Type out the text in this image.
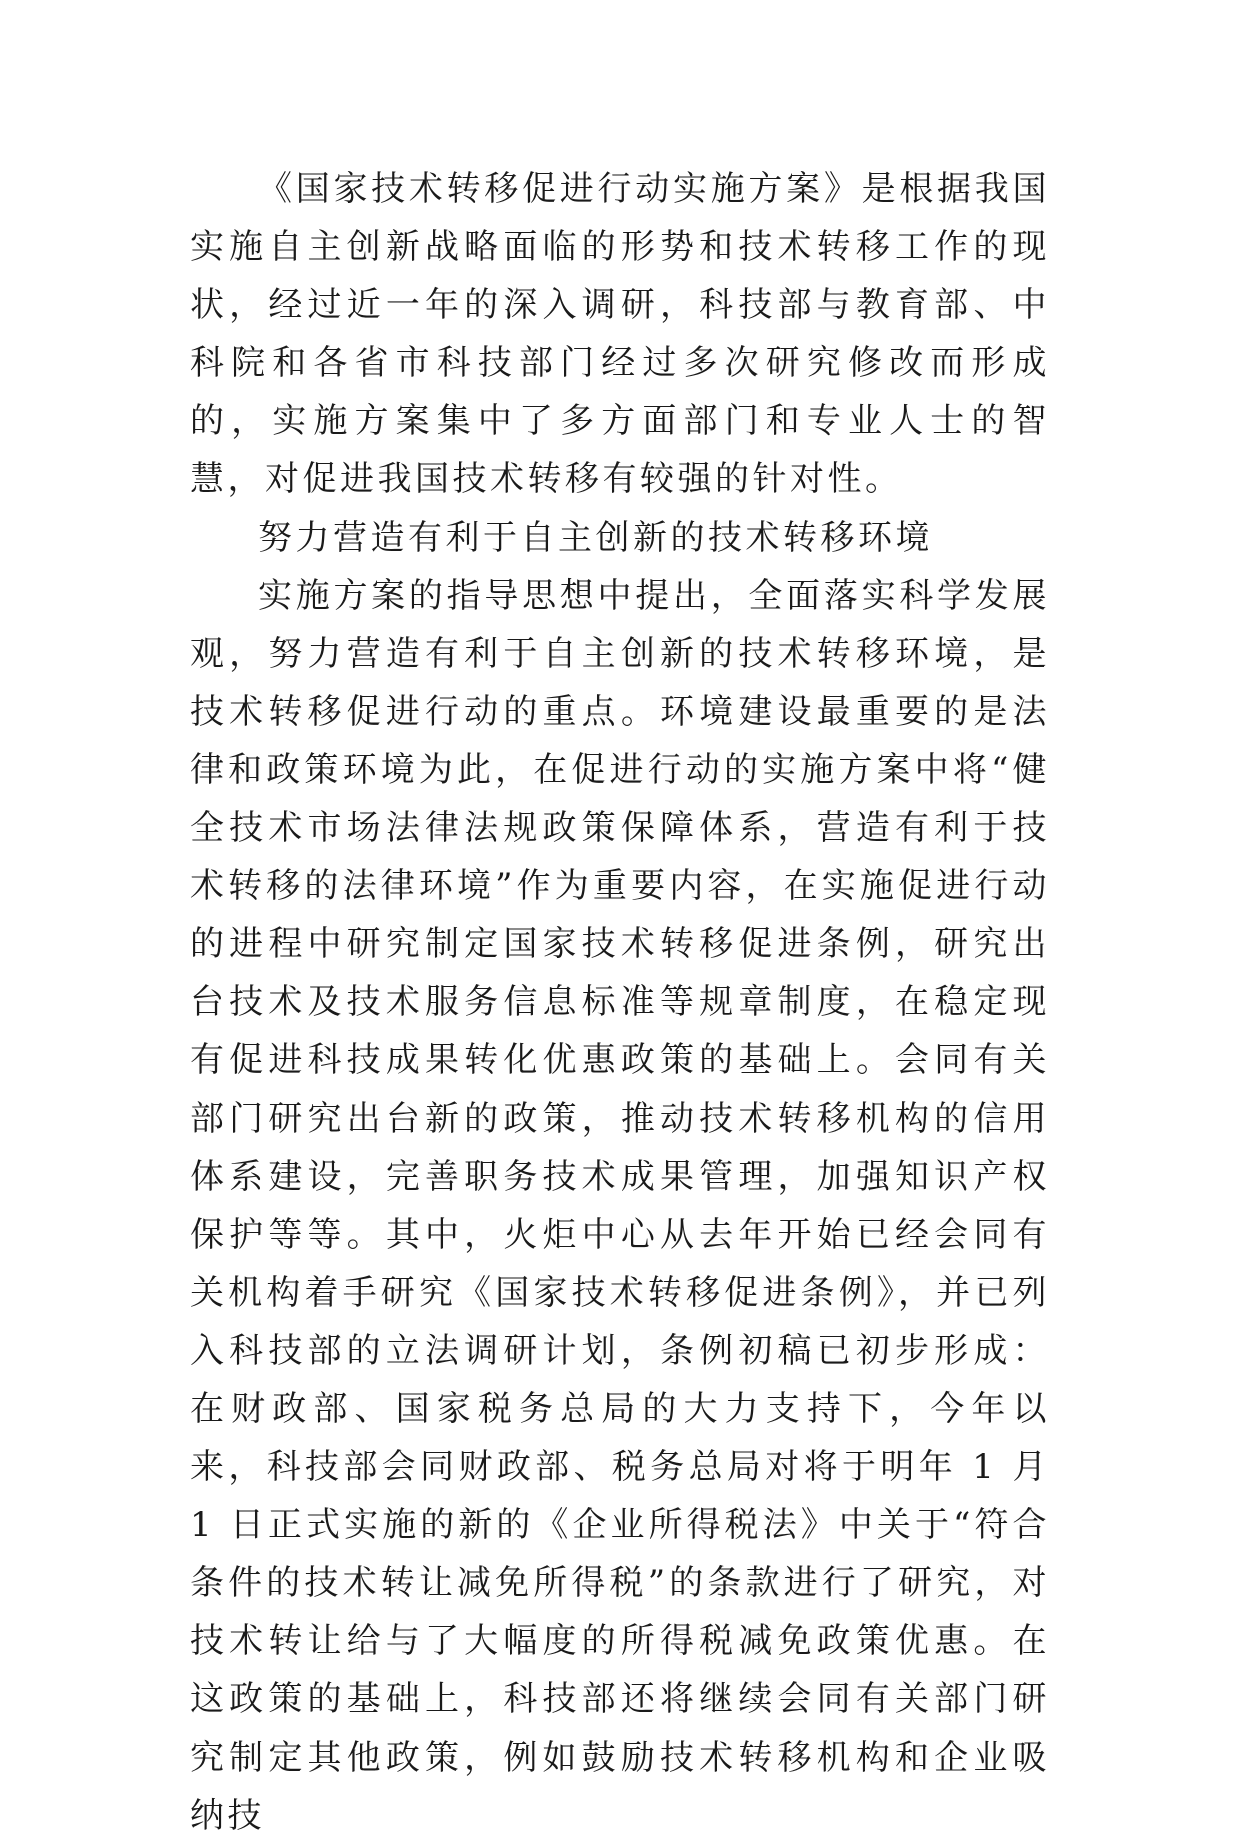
《国家技术转移促进行动实施方案》是根据我国实施自主创新战略面临的形势和技术转移工作的现状，经过近一年的深入调研，科技部与教育部、中科院和各省市科技部门经过多次研究修改而形成的，实施方案集中了多方面部门和专业人士的智慧，对促进我国技术转移有较强的针对性。

努力营造有利于自主创新的技术转移环境

实施方案的指导思想中提出，全面落实科学发展观，努力营造有利于自主创新的技术转移环境，是技术转移促进行动的重点。环境建设最重要的是法律和政策环境为此，在促进行动的实施方案中将“健全技术市场法律法规政策保障体系，营造有利于技术转移的法律环境”作为重要内容，在实施促进行动的进程中研究制定国家技术转移促进条例，研究出台技术及技术服务信息标准等规章制度，在稳定现有促进科技成果转化优惠政策的基础上。会同有关部门研究出台新的政策，推动技术转移机构的信用体系建设，完善职务技术成果管理，加强知识产权保护等等。其中，火炬中心从去年开始已经会同有关机构着手研究《国家技术转移促进条例》，并已列入科技部的立法调研计划，条例初稿已初步形成：在财政部、国家税务总局的大力支持下，今年以来，科技部会同财政部、税务总局对将于明年 1 月 1 日正式实施的新的《企业所得税法》中关于“符合条件的技术转让减免所得税”的条款进行了研究，对技术转让给与了大幅度的所得税减免政策优惠。在这政策的基础上，科技部还将继续会同有关部门研究制定其他政策，例如鼓励技术转移机构和企业吸纳技
